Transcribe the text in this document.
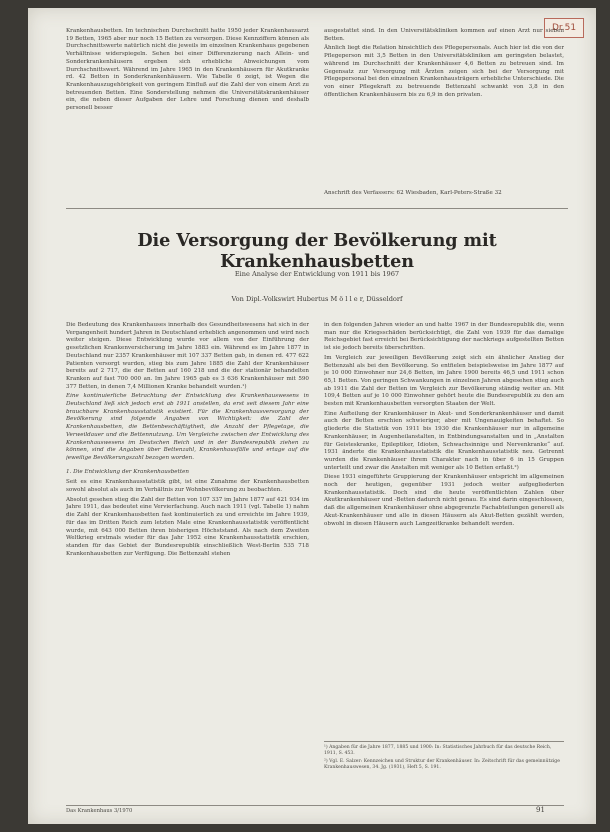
Dr.51

Krankenhausbetten. Im technischen Durchschnitt hatte 1950 jeder Krankenhausarzt 19 Betten, 1965 aber nur noch 15 Betten zu versorgen. Diese Kennziffern können als Durchschnittswerte natürlich nicht die jeweils im einzelnen Krankenhaus gegebenen Verhältnisse widerspiegeln. Sehen bei einer Differenzierung nach Allein- und Sonderkrankenhäusern ergeben sich erhebliche Abweichungen vom Durchschnittswert. Während im Jahre 1965 in den Krankenhäusern für Akutkranke rd. 42 Betten in Sonderkrankenhäusern. Wie Tabelle 6 zeigt, ist Wegen die Krankenhauszugehörigkeit von geringem Einfluß auf die Zahl der von einem Arzt zu betreuenden Betten. Eine Sonderstellung nehmen die Universitätskrankenhäuser ein, die neben dieser Aufgaben der Lehre und Forschung dienen und deshalb personell besser

ausgestattet sind. In den Universitätskliniken kommen auf einen Arzt nur sieben Betten.

Ähnlich liegt die Relation hinsichtlich des Pflegepersonals. Auch hier ist die von der Pflegeperson mit 3,5 Betten in den Universitätskliniken am geringsten belastet, während im Durchschnitt der Krankenhäuser 4,6 Betten zu betreuen sind. Im Gegensatz zur Versorgung mit Ärzten zeigen sich bei der Versorgung mit Pflegepersonal bei den einzelnen Krankenhausträgern erhebliche Unterschiede. Die von einer Pflegekraft zu betreuende Bettenzahl schwankt von 3,8 in den öffentlichen Krankenhäusern bis zu 6,9 in den privaten.

Anschrift des Verfassers: 62 Wiesbaden, Karl-Peters-Straße 32
Die Versorgung der Bevölkerung mit Krankenhausbetten
Eine Analyse der Entwicklung von 1911 bis 1967
Von Dipl.-Volkswirt Hubertus M ö l l e r, Düsseldorf

Die Bedeutung des Krankenhauses innerhalb des Gesundheitswesens hat sich in der Vergangenheit hundert Jahren in Deutschland erheblich angenommen und wird noch weiter steigen. Diese Entwicklung wurde vor allem von der Einführung der gesetzlichen Krankenversicherung im Jahre 1883 ein. Während es im Jahre 1877 in Deutschland nur 2357 Krankenhäuser mit 107 337 Betten gab, in denen rd. 477 622 Patienten versorgt wurden, stieg bis zum Jahre 1885 die Zahl der Krankenhäuser bereits auf 2 717, die der Betten auf 160 218 und die der stationär behandelten Kranken auf fast 700 000 an. Im Jahre 1965 gab es 3 636 Krankenhäuser mit 590 377 Betten, in denen 7,4 Millionen Kranke behandelt wurden.¹)

Eine kontinuierliche Betrachtung der Entwicklung des Krankenhauswesens in Deutschland ließ sich jedoch erst ab 1911 anstellen, da erst seit diesem Jahr eine brauchbare Krankenhausstatistik existiert. Für die Krankenhausversorgung der Bevölkerung sind folgende Angaben von Wichtigkeit: die Zahl der Krankenhausbetten, die Bettenbeschäftigtheit, die Anzahl der Pflegetage, die Verweildauer und die Bettennutzung. Um Vergleiche zwischen der Entwicklung des Krankenhauswesens im Deutschen Reich und in der Bundesrepublik ziehen zu können, sind die Angaben über Bettenzahl, Krankenhausfälle und ertage auf die jeweilige Bevölkerungszahl bezogen worden.

1. Die Entwicklung der Krankenhausbetten

Seit es eine Krankenhausstatistik gibt, ist eine Zunahme der Krankenhausbetten sowohl absolut als auch im Verhältnis zur Wohnbevölkerung zu beobachten.

Absolut gesehen stieg die Zahl der Betten von 107 337 im Jahre 1877 auf 421 934 im Jahre 1911, das bedeutet eine Vervierfachung. Auch nach 1911 (vgl. Tabelle 1) nahm die Zahl der Krankenhausbetten fast kontinuierlich zu und erreichte im Jahre 1939, für das im Dritten Reich zum letzten Male eine Krankenhausstatistik veröffentlicht wurde, mit 643 000 Betten ihren bisherigen Höchststand. Als nach dem Zweiten Weltkrieg erstmals wieder für das Jahr 1952 eine Krankenhausstatistik erschien, standen für das Gebiet der Bundesrepublik einschließlich West-Berlin 535 718 Krankenhausbetten zur Verfügung. Die Bettenzahl stehen

in den folgenden Jahren wieder an und hatte 1967 in der Bundesrepublik die, wenn man nur die Kriegsschäden berücksichtigt, die Zahl von 1939 für das damalige Reichsgebiet fast erreicht bei Berücksichtigung der nachkriegs aufgestellten Betten ist sie jedoch bereits überschritten.

Im Vergleich zur jeweiligen Bevölkerung zeigt sich ein ähnlicher Anstieg der Bettenzahl als bei den Bevölkerung. So entfielen beispielsweise im Jahre 1877 auf je 10 000 Einwohner nur 24,6 Betten, im Jahre 1900 bereits 46,5 und 1911 schon 65,1 Betten. Von geringen Schwankungen in einzelnen Jahren abgesehen stieg auch ab 1911 die Zahl der Betten im Vergleich zur Bevölkerung ständig weiter an. Mit 109,4 Betten auf je 10 000 Einwohner gehört heute die Bundesrepublik zu den am besten mit Krankenhausbetten versorgten Staaten der Welt.

Eine Aufteilung der Krankenhäuser in Akut- und Sonderkrankenhäuser und damit auch der Betten erschien schwieriger, aber mit Ungenauigkeiten behaftet. So gliederte die Statistik von 1911 bis 1930 die Krankenhäuser nur in allgemeine Krankenhäuser, in Augenheilanstalten, in Entbindungsanstalten und in „Anstalten für Geisteskranke, Epileptiker, Idioten, Schwachsinnige und Nervenkranke“ auf. 1931 änderte die Krankenhausstatistik die Krankenhausstatistik neu. Getrennt wurden die Krankenhäuser ihrem Charakter nach in über 6 in 15 Gruppen unterteilt und zwar die Anstalten mit weniger als 10 Betten erfaßt.²)

Diese 1931 eingeführte Gruppierung der Krankenhäuser entspricht im allgemeinen noch der heutigen, gegenüber 1931 jedoch weiter aufgegliederten Krankenhausstatistik. Doch sind die heute veröffentlichten Zahlen über Akutkrankenhäuser und -Betten dadurch nicht genau. Es sind darin eingeschlossen, daß die allgemeinen Krankenhäuser ohne abgegrenzte Fachabteilungen generell als Akut-Krankenhäuser und alle in diesen Häusern als Akut-Betten gezählt werden, obwohl in diesen Häusern auch Langzeitkranke behandelt werden.

¹) Angaben für die Jahre 1877, 1885 und 1900: In: Statistisches Jahrbuch für das deutsche Reich, 1911, S. 453.
²) Vgl. E. Salzer: Kennzeichen und Struktur der Krankenhäuser. In: Zeitschrift für das gemeinnützige Krankenhauswesen, 34. Jg. (1931), Heft 5, S. 191.
Das Krankenhaus 3/1970	91
